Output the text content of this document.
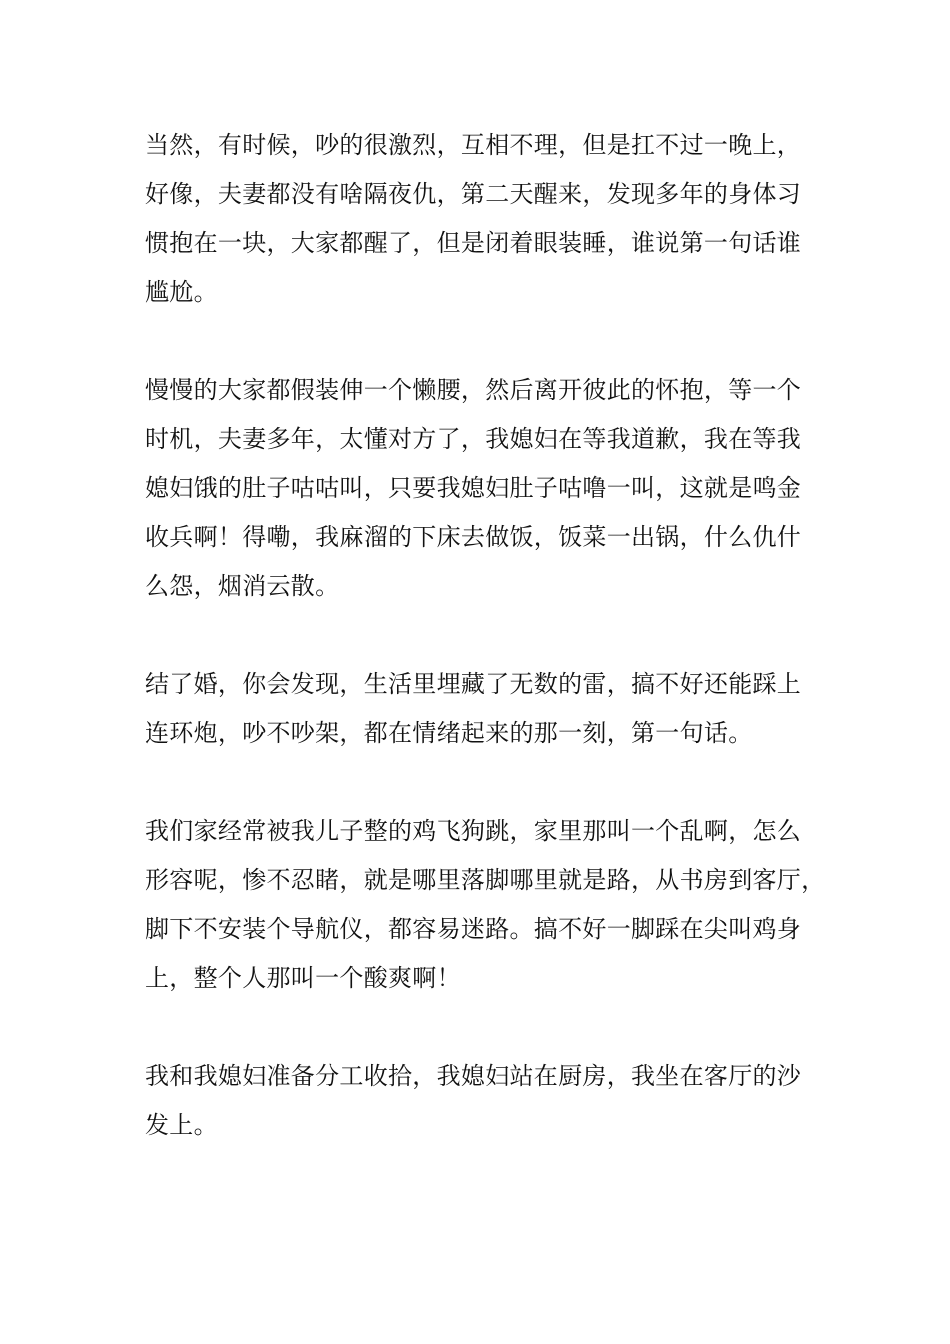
当然，有时候，吵的很激烈，互相不理，但是扛不过一晚上，
好像，夫妻都没有啥隔夜仇，第二天醒来，发现多年的身体习
惯抱在一块，大家都醒了，但是闭着眼装睡，谁说第一句话谁
尴尬。
慢慢的大家都假装伸一个懒腰，然后离开彼此的怀抱，等一个
时机，夫妻多年，太懂对方了，我媳妇在等我道歉，我在等我
媳妇饿的肚子咕咕叫，只要我媳妇肚子咕噜一叫，这就是鸣金
收兵啊！得嘞，我麻溜的下床去做饭，饭菜一出锅，什么仇什
么怨，烟消云散。
结了婚，你会发现，生活里埋藏了无数的雷，搞不好还能踩上
连环炮，吵不吵架，都在情绪起来的那一刻，第一句话。
我们家经常被我儿子整的鸡飞狗跳，家里那叫一个乱啊，怎么
形容呢，惨不忍睹，就是哪里落脚哪里就是路，从书房到客厅，
脚下不安装个导航仪，都容易迷路。搞不好一脚踩在尖叫鸡身
上，整个人那叫一个酸爽啊！
我和我媳妇准备分工收拾，我媳妇站在厨房，我坐在客厅的沙
发上。
